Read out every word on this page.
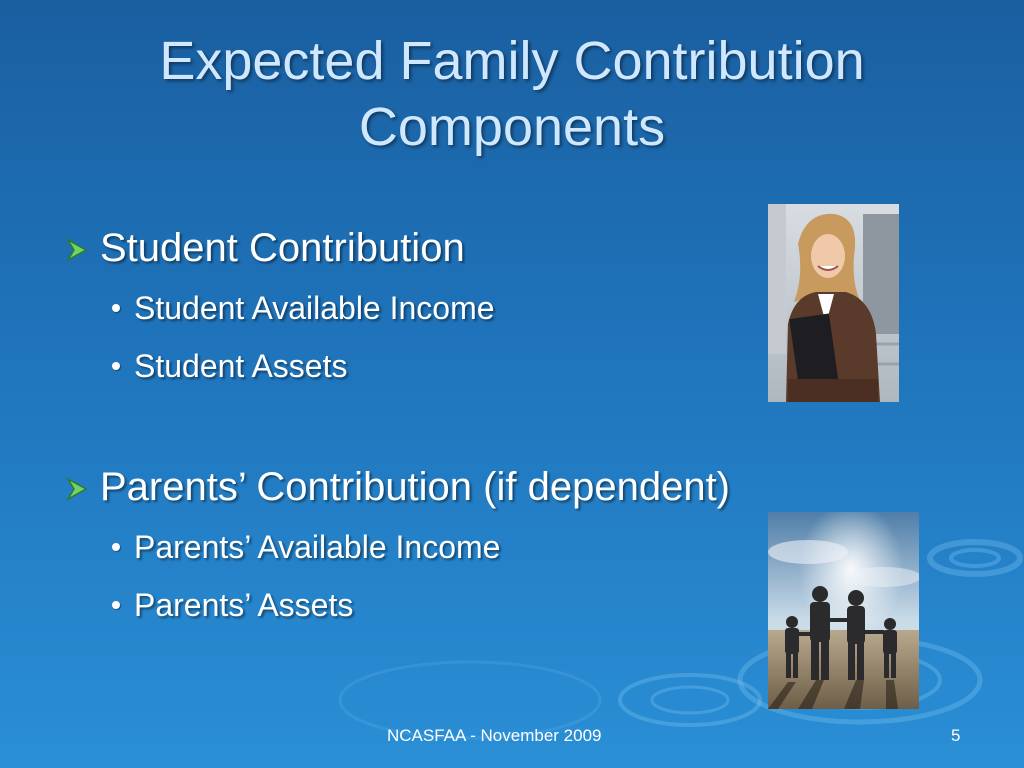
Expected Family Contribution
Components
Student Contribution
Student Available Income
Student Assets
Parents’ Contribution (if dependent)
Parents’ Available Income
Parents’ Assets
NCASFAA - November 2009	5
